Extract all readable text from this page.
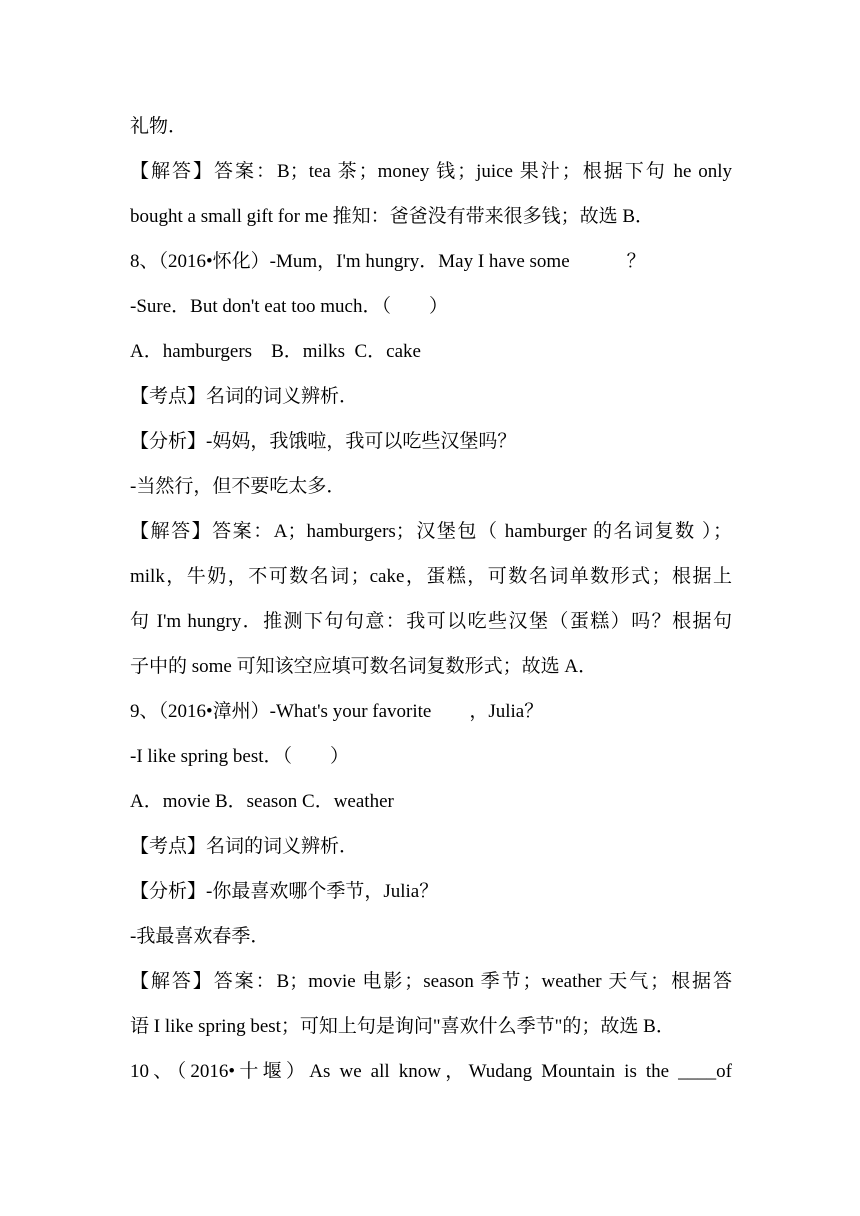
礼物．
【解答】答案：B；tea 茶；money 钱；juice 果汁；根据下句 he only
bought a small gift for me 推知：爸爸没有带来很多钱；故选 B．
8、（2016•怀化）-Mum，I'm hungry．May I have some            ？
-Sure．But don't eat too much．（        ）
A．hamburgers    B．milks  C．cake
【考点】名词的词义辨析．
【分析】-妈妈，我饿啦，我可以吃些汉堡吗？
-当然行，但不要吃太多．
【解答】答案：A；hamburgers；汉堡包（ hamburger 的名词复数 ）；
milk，牛奶，不可数名词；cake，蛋糕，可数名词单数形式；根据上
句 I'm hungry．推测下句句意：我可以吃些汉堡（蛋糕）吗？根据句
子中的 some 可知该空应填可数名词复数形式；故选 A．
9、（2016•漳州）-What's your favorite        ，Julia？
-I like spring best．（        ）
A．movie B．season C．weather
【考点】名词的词义辨析．
【分析】-你最喜欢哪个季节，Julia？
-我最喜欢春季．
【解答】答案：B；movie 电影；season 季节；weather 天气；根据答
语 I like spring best；可知上句是询问"喜欢什么季节"的；故选 B．
10、（2016•十堰）As we all know，Wudang Mountain is the ____of
